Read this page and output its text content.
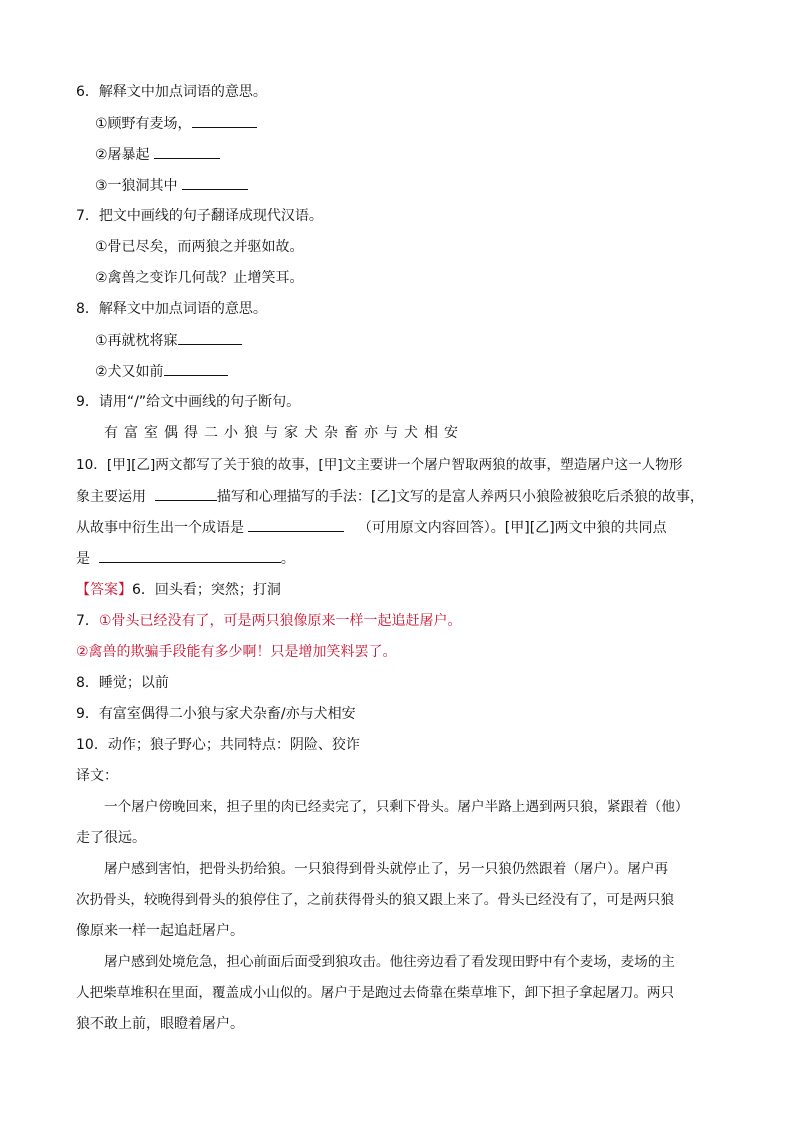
6．解释文中加点词语的意思。
①顾野有麦场，
②屠暴起
③一狼洞其中
7．把文中画线的句子翻译成现代汉语。
①骨已尽矣，而两狼之并驱如故。
②禽兽之变诈几何哉？止增笑耳。
8．解释文中加点词语的意思。
①再就枕将寐
②犬又如前
9．请用“/”给文中画线的句子断句。
有富室偶得二小狼与家犬杂畜亦与犬相安
10．[甲][乙]两文都写了关于狼的故事，[甲]文主要讲一个屠户智取两狼的故事，塑造屠户这一人物形
象主要运用	描写和心理描写的手法：[乙]文写的是富人养两只小狼险被狼吃后杀狼的故事，
从故事中衍生出一个成语是	（可用原文内容回答）。[甲][乙]两文中狼的共同点
是	。
【答案】6．回头看；突然；打洞
7．①骨头已经没有了，可是两只狼像原来一样一起追赶屠户。
②禽兽的欺骗手段能有多少啊！只是增加笑料罢了。
8．睡觉；以前
9．有富室偶得二小狼与家犬杂畜/亦与犬相安
10．动作；狼子野心；共同特点：阴险、狡诈
译文：
一个屠户傍晚回来，担子里的肉已经卖完了，只剩下骨头。屠户半路上遇到两只狼，紧跟着（他）
走了很远。
屠户感到害怕，把骨头扔给狼。一只狼得到骨头就停止了，另一只狼仍然跟着（屠户）。屠户再
次扔骨头，较晚得到骨头的狼停住了，之前获得骨头的狼又跟上来了。骨头已经没有了，可是两只狼
像原来一样一起追赶屠户。
屠户感到处境危急，担心前面后面受到狼攻击。他往旁边看了看发现田野中有个麦场，麦场的主
人把柴草堆积在里面，覆盖成小山似的。屠户于是跑过去倚靠在柴草堆下，卸下担子拿起屠刀。两只
狼不敢上前，眼瞪着屠户。
